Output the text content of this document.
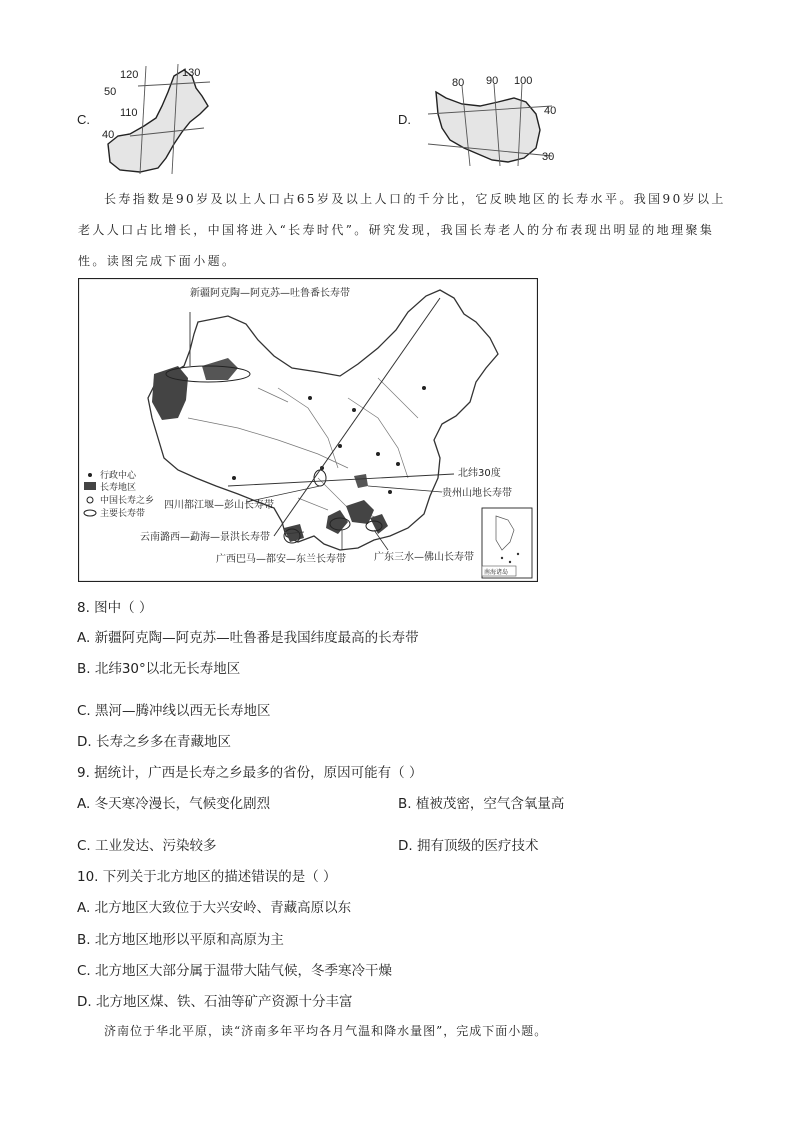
C.
120	130
50
110
40
D.
80 90 100
40
30
长寿指数是90岁及以上人口占65岁及以上人口的千分比，它反映地区的长寿水平。我国90岁以上
老人人口占比增长，中国将进入“长寿时代”。研究发现，我国长寿老人的分布表现出明显的地理聚集
性。读图完成下面小题。
新疆阿克陶—阿克苏—吐鲁番长寿带
四川都江堰—彭山长寿带
云南潞西—勐海—景洪长寿带
广西巴马—都安—东兰长寿带	广东三水—佛山长寿带
贵州山地长寿带
北纬30度
行政中心
长寿地区
中国长寿之乡
主要长寿带
南海诸岛
8. 图中（ ）
A. 新疆阿克陶—阿克苏—吐鲁番是我国纬度最高的长寿带
B. 北纬30°以北无长寿地区
C. 黑河—腾冲线以西无长寿地区
D. 长寿之乡多在青藏地区
9. 据统计，广西是长寿之乡最多的省份，原因可能有（ ）
A. 冬天寒冷漫长，气候变化剧烈	B. 植被茂密，空气含氧量高
C. 工业发达、污染较多	D. 拥有顶级的医疗技术
10. 下列关于北方地区的描述错误的是（ ）
A. 北方地区大致位于大兴安岭、青藏高原以东
B. 北方地区地形以平原和高原为主
C. 北方地区大部分属于温带大陆气候，冬季寒冷干燥
D. 北方地区煤、铁、石油等矿产资源十分丰富
济南位于华北平原，读“济南多年平均各月气温和降水量图”，完成下面小题。
